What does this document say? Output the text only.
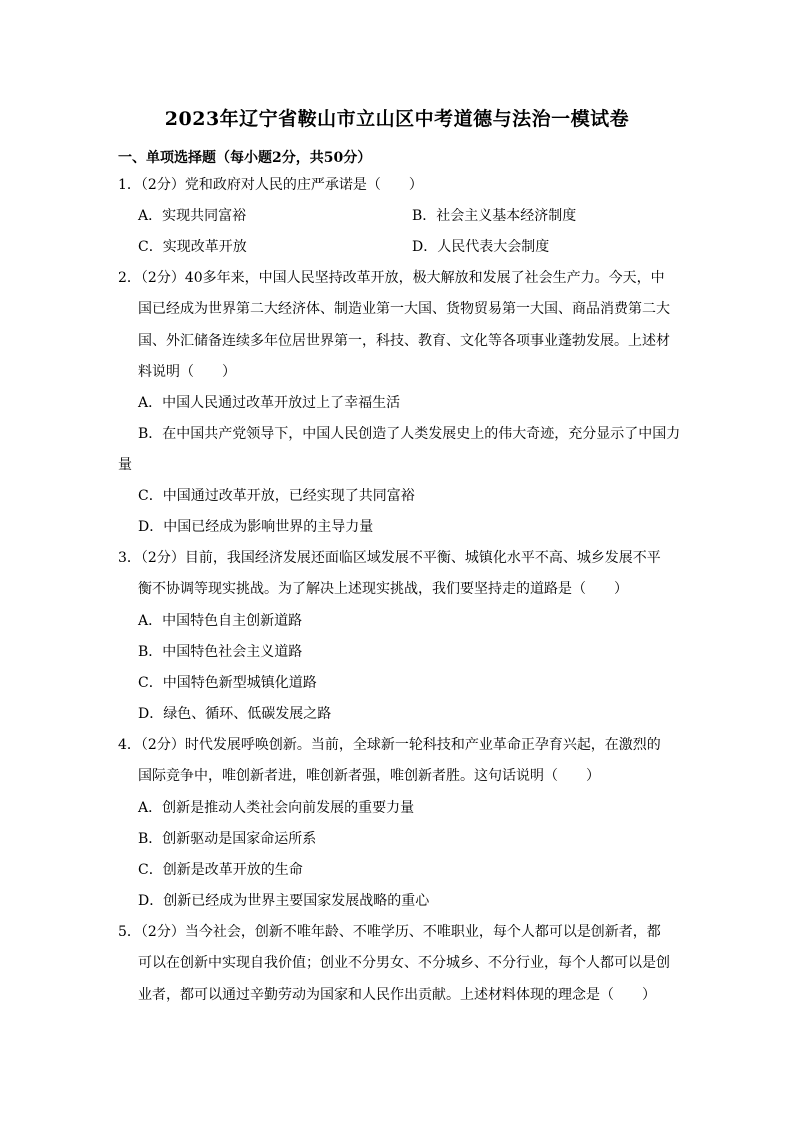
2023年辽宁省鞍山市立山区中考道德与法治一模试卷
一、单项选择题（每小题2分，共50分）
1．（2分）党和政府对人民的庄严承诺是（　　）
A．实现共同富裕	B．社会主义基本经济制度
C．实现改革开放	D．人民代表大会制度
2．（2分）40多年来，中国人民坚持改革开放，极大解放和发展了社会生产力。今天，中
国已经成为世界第二大经济体、制造业第一大国、货物贸易第一大国、商品消费第二大
国、外汇储备连续多年位居世界第一，科技、教育、文化等各项事业蓬勃发展。上述材
料说明（　　）
A．中国人民通过改革开放过上了幸福生活
B．在中国共产党领导下，中国人民创造了人类发展史上的伟大奇迹，充分显示了中国力
量
C．中国通过改革开放，已经实现了共同富裕
D．中国已经成为影响世界的主导力量
3．（2分）目前，我国经济发展还面临区域发展不平衡、城镇化水平不高、城乡发展不平
衡不协调等现实挑战。为了解决上述现实挑战，我们要坚持走的道路是（　　）
A．中国特色自主创新道路
B．中国特色社会主义道路
C．中国特色新型城镇化道路
D．绿色、循环、低碳发展之路
4．（2分）时代发展呼唤创新。当前，全球新一轮科技和产业革命正孕育兴起，在激烈的
国际竞争中，唯创新者进，唯创新者强，唯创新者胜。这句话说明（　　）
A．创新是推动人类社会向前发展的重要力量
B．创新驱动是国家命运所系
C．创新是改革开放的生命
D．创新已经成为世界主要国家发展战略的重心
5．（2分）当今社会，创新不唯年龄、不唯学历、不唯职业，每个人都可以是创新者，都
可以在创新中实现自我价值；创业不分男女、不分城乡、不分行业，每个人都可以是创
业者，都可以通过辛勤劳动为国家和人民作出贡献。上述材料体现的理念是（　　）
